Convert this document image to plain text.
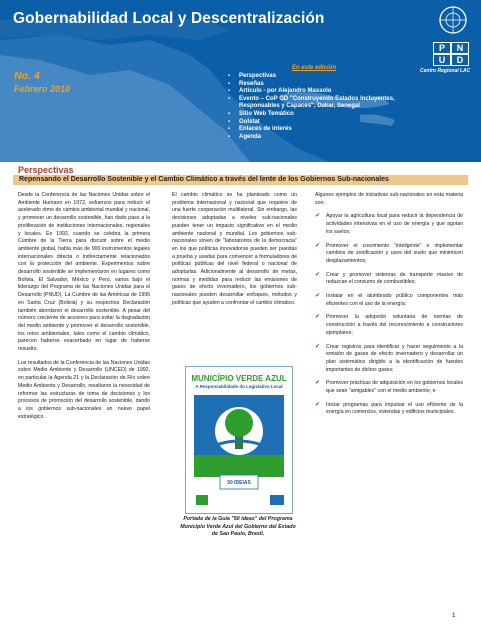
Gobernabilidad Local y Descentralización
No. 4
Febrero 2010
P	N
U	D
Centro Regional LAC
En este edición
▪ Perspectivas
▪ Reseñas
▪ Artículo - por Alejandro Massolo
▪ Evento – CoP GD "Construyendo Estados Incluyentes, Responsables y Capaces", Dakar, Senegal
▪ Sitio Web Temático
▪ Golstat
▪ Enlaces de interés
▪ Agenda
Perspectivas
Repensando el Desarrollo Sostenible y el Cambio Climático a través del lente de los Gobiernos Sub-nacionales

Desde la Conferencia de las Naciones Unidas sobre el Ambiente Humano en 1972, esfuerzos para reducir el acelerado ritmo de cambio ambiental mundial y nacional, y promover un desarrollo sostenible, han dado paso a la proliferación de instituciones internacionales, regionales y locales. En 1992, cuando se celebra la primera Cumbre de la Tierra para discutir sobre el medio ambiente global, había más de 900 instrumentos legales internacionales directa o indirectamente relacionados con la protección del ambiente. Experimentos sobre desarrollo sostenible se implementaron en lugares como Bolivia, El Salvador, México y Perú, varios bajo el liderazgo del Programa de las Naciones Unidas para el Desarrollo (PNUD). La Cumbre de las Américas de 1996 en Santa Cruz (Bolivia) y su respectiva Declaración también abordaron el desarrollo sostenible. A pesar del número creciente de acciones para evitar la degradación del medio ambiente y promover el desarrollo sostenible, los retos ambientales, tales como el cambio climático, parecen haberse exacerbado en lugar de haberse resuelto.

Los resultados de la Conferencia de las Naciones Unidas sobre Medio Ambiente y Desarrollo (UNCED) de 1992, en particular la Agenda 21 y la Declaración de Río sobre Medio Ambiente y Desarrollo, resaltaron la necesidad de reformar las estructuras de toma de decisiones y los procesos de promoción del desarrollo sostenible, dando a los gobiernos sub-nacionales un nuevo papel estratégico.

El cambio climático se ha planteado como un problema internacional y nacional que requiere de una fuerte cooperación multilateral. Sin embargo, las decisiones adoptadas a niveles sub-nacionales pueden tener un impacto significativo en el medio ambiente nacional y mundial. Los gobiernos sub-nacionales sirven de "laboratorios de la democracia" en los que políticas innovadoras pueden ser puestas a prueba y usadas para convencer a formuladores de políticas públicas del nivel federal o nacional de adoptarlas. Adicionalmente al desarrollo de metas, normas y medidas para reducir las emisiones de gases de efecto invernadero, los gobiernos sub-nacionales pueden desarrollar enfoques, métodos y políticas que ayuden a confrontar el cambio climático.

MUNICÍPIO VERDE AZUL
A Responsabilidade do Legislativo Local
50 IDEIAS
Portada de la Guía "50 ideas" del Programa Município Verde Azul del Gobierno del Estado de Sao Paulo, Brasil.

Algunos ejemplos de iniciativas sub-nacionales en esta materia son:

✔ Apoyar la agricultura local para reducir la dependencia de actividades intensivas en el uso de energía y que agotan los suelos;
✔ Promover el crecimiento "inteligente" e implementar cambios de zonificación y usos del suelo que minimicen desplazamientos;
✔ Crear y promover sistemas de transporte masivo de reduzcan el consumo de combustibles;
✔ Instalar en el alumbrado público componentes más eficientes con el uso de la energía;
✔ Promover la adopción voluntaria de normas de construcción a través del reconocimiento a constructores ejemplares;
✔ Crear registros para identificar y hacer seguimiento a la emisión de gases de efecto invernadero y desarrollar un plan sistemático dirigido a la identificación de fuentes importantes de dichos gases;
✔ Promover prácticas de adquisición en los gobiernos locales que sean "amigables" con el medio ambiente; e
✔ Iniciar programas para impulsar el uso eficiente de la energía en comercios, viviendas y edificios municipales.
1
